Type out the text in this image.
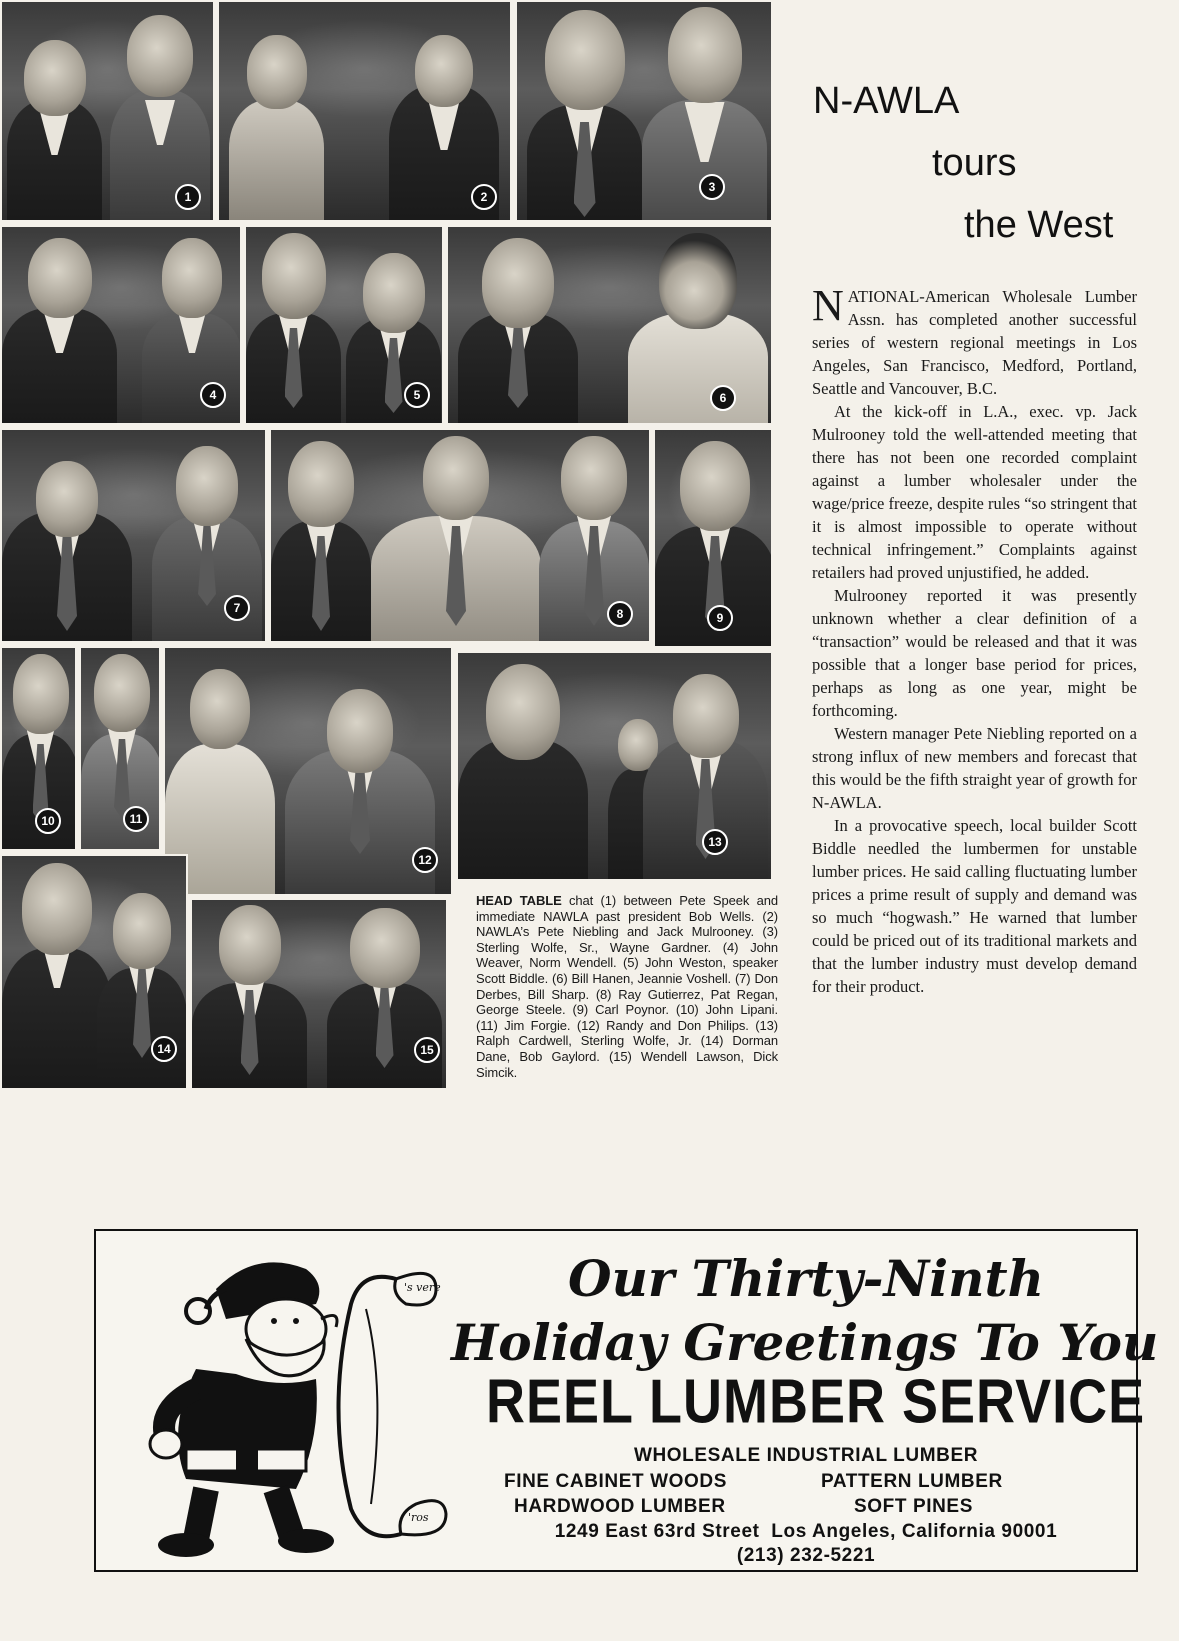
1	2
3
4	5	6
7	8	9
10	11
12
13
14	15
N-AWLA
tours
the West

NATIONAL-American Wholesale Lumber Assn. has completed another successful series of western regional meetings in Los Angeles, San Francisco, Medford, Portland, Seattle and Vancouver, B.C.

At the kick-off in L.A., exec. vp. Jack Mulrooney told the well-attended meeting that there has not been one recorded complaint against a lumber wholesaler under the wage/price freeze, despite rules “so stringent that it is almost impossible to operate without technical infringement.” Complaints against retailers had proved unjustified, he added.

Mulrooney reported it was presently unknown whether a clear definition of a “transaction” would be released and that it was possible that a longer base period for prices, perhaps as long as one year, might be forthcoming.

Western manager Pete Niebling reported on a strong influx of new members and forecast that this would be the fifth straight year of growth for N-AWLA.

In a provocative speech, local builder Scott Biddle needled the lumbermen for unstable lumber prices. He said calling fluctuating lumber prices a prime result of supply and demand was so much “hogwash.” He warned that lumber could be priced out of its traditional markets and that the lumber industry must develop demand for their product.

HEAD TABLE chat (1) between Pete Speek and immediate NAWLA past president Bob Wells. (2) NAWLA’s Pete Niebling and Jack Mulrooney. (3) Sterling Wolfe, Sr., Wayne Gardner. (4) John Weaver, Norm Wendell. (5) John Weston, speaker Scott Biddle. (6) Bill Hanen, Jeannie Voshell. (7) Don Derbes, Bill Sharp. (8) Ray Gutierrez, Pat Regan, George Steele. (9) Carl Poynor. (10) John Lipani. (11) Jim Forgie. (12) Randy and Don Philips. (13) Ralph Cardwell, Sterling Wolfe, Jr. (14) Dorman Dane, Bob Gaylord. (15) Wendell Lawson, Dick Simcik.
's vere
'ros
Our Thirty-Ninth
Holiday Greetings To You
REEL LUMBER SERVICE
WHOLESALE INDUSTRIAL LUMBER
FINE CABINET WOODS	PATTERN LUMBER
HARDWOOD LUMBER	SOFT PINES
1249 East 63rd Street  Los Angeles, California 90001
(213) 232-5221
